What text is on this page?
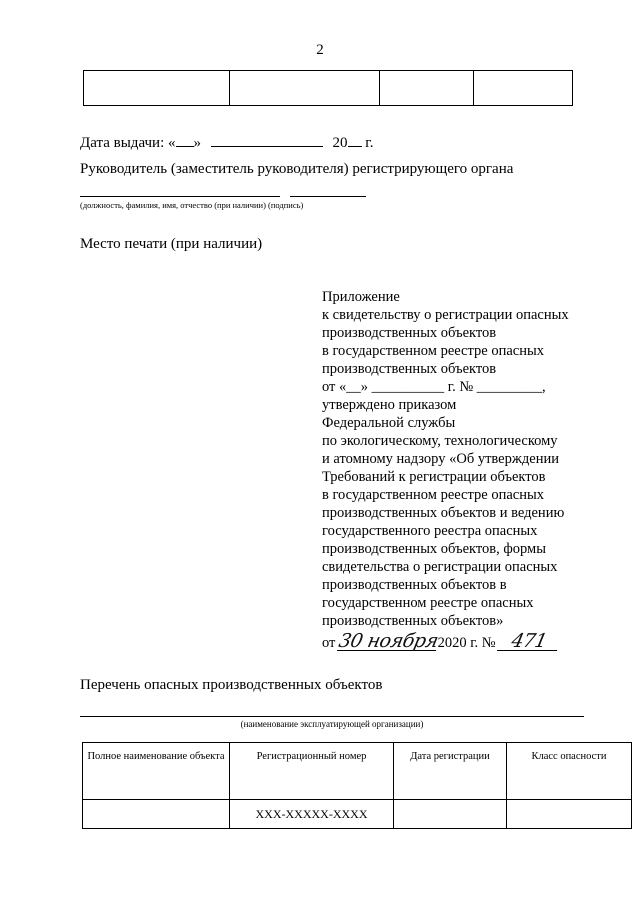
2

Дата выдачи: « »	20 г.
Руководитель (заместитель руководителя) регистрирующего органа
(должность, фамилия, имя, отчество (при наличии) (подпись)
Место печати (при наличии)
Приложение
к свидетельству о регистрации опасных
производственных объектов
в государственном реестре опасных
производственных объектов
от «__» __________ г. № _________,
утверждено приказом
Федеральной службы
по экологическому, технологическому
и атомному надзору «Об утверждении
Требований к регистрации объектов
в государственном реестре опасных
производственных объектов и ведению
государственного реестра опасных
производственных объектов, формы
свидетельства о регистрации опасных
производственных объектов в
государственном реестре опасных
производственных объектов»
от 30 ноября2020 г. № 471
Перечень опасных производственных объектов
(наименование эксплуатирующей организации)
Полное наименование объекта	Регистрационный номер	Дата регистрации	Класс опасности
	XXX-XXXXX-XXXX		
